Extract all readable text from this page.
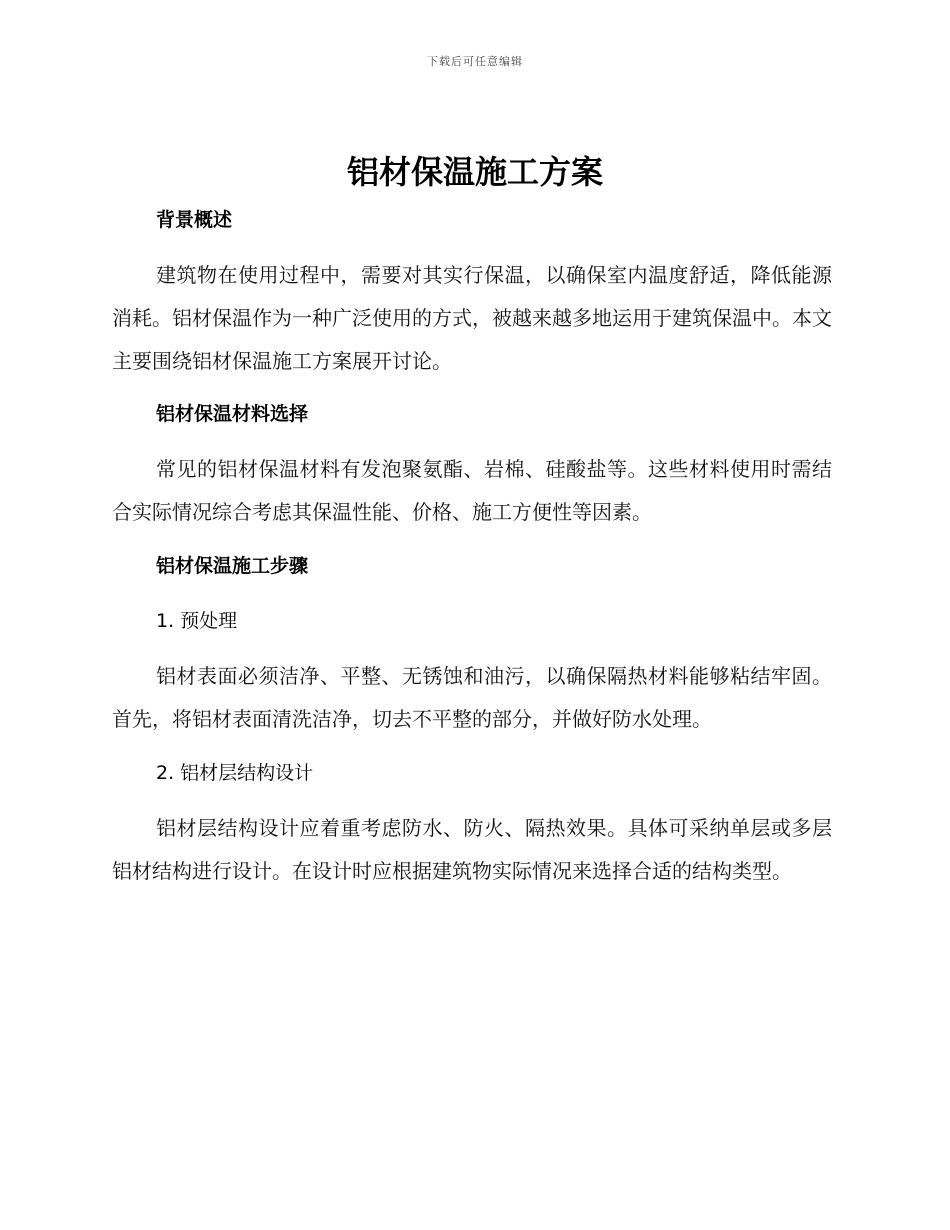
下载后可任意编辑
铝材保温施工方案
背景概述

建筑物在使用过程中，需要对其实行保温，以确保室内温度舒适，降低能源消耗。铝材保温作为一种广泛使用的方式，被越来越多地运用于建筑保温中。本文主要围绕铝材保温施工方案展开讨论。

铝材保温材料选择

常见的铝材保温材料有发泡聚氨酯、岩棉、硅酸盐等。这些材料使用时需结合实际情况综合考虑其保温性能、价格、施工方便性等因素。

铝材保温施工步骤
1. 预处理

铝材表面必须洁净、平整、无锈蚀和油污，以确保隔热材料能够粘结牢固。首先，将铝材表面清洗洁净，切去不平整的部分，并做好防水处理。

2. 铝材层结构设计

铝材层结构设计应着重考虑防水、防火、隔热效果。具体可采纳单层或多层铝材结构进行设计。在设计时应根据建筑物实际情况来选择合适的结构类型。
